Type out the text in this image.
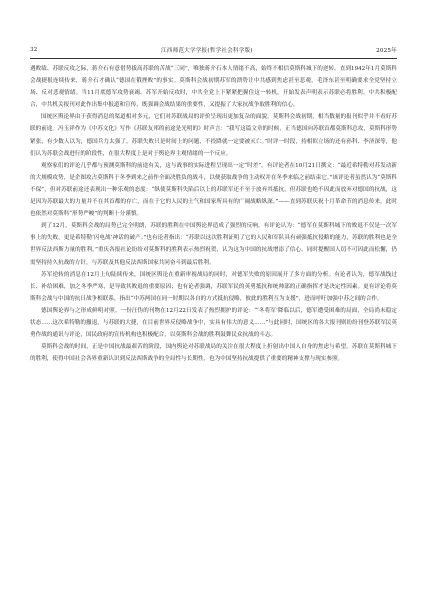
32	江西师范大学学报(哲学社会科学版)	2025年

遇败绩、苏联反攻之际，蒋介石有意借势拔高苏联的苦战“三同”，唯独蒋介石本人情绪不高，始终不相信莫斯科城下的逆转。直到1942年1月莫斯科会战捷报连续传来，蒋介石才确认“德国在俄挫败”的事实。莫斯科会战初期苏军的溃势让中共感到焦虑甚至悲观，毛泽东甚至明确要求全党坚持立场、反对悲观情绪。当11月底德军攻势衰竭、苏军开始反攻时，中共全党上下紧紧把握住这一转机，开始发表声明表示苏联必将胜利。中共积极配合，中共机关报刊对此作出集中报道和宣传，既强调会战结果的重要性，又提振了大家抗战争取胜利的信心。

国统区舆论界由于获得消息的渠道相对多元，它们对苏联战局的评价呈现出更加复杂的面貌。莫斯科会战初期，相当数量的报刊似乎并不看好苏联的前途。冯玉祥作为《中苏文化》写作《苏联友邦的前途是光明的》时声言：“我写这篇文章的时候，正当德国向苏联首都莫斯科总攻，莫斯科形势紧张，有少数人以为，德国兵力太强了，苏联失败只是时间上的问题，不投降就一定要被灭亡。”时评一时段，持相似立场的还有孙科、李济深等，他们认为苏联会战进行的阶段性，在很大程度上是对于舆论界主观情绪的一个反应。

观察家们的评论几乎都与预测莫斯科的前途有关，这与战事的实际进程呈现出一定“时差”。有评论者在10月21日撰文：“最近希特勒对苏发动新的大规模攻势，是企图攻占莫斯科于冬季到来之前作全面决胜负的战斗，以便获取战争的主动权并在冬季来临之前结束它。”该评论者虽然认为“莫斯科不保”，但对苏联前途还表现出一种乐观的态度：“纵使莫斯科失陷后以上的苏联军还不至于放弃其抵抗，但苏联也绝不因此而放弃对德国的抗战，这是因为苏联最大的力量并不在其首都的存亡，而在于它的人民的士气和国家所具有的广阔战略纵深。”——直到苏联庆祝十月革命节的消息传来，此时也依然对莫斯科“形势严峻”的判断十分谨慎。

到了12月，莫斯科会战的局势已完全明朗，苏联的胜利在中国舆论界造成了强烈的反响。有评论认为：“德军在莫斯科城下的败退不仅是一次军事上的失败，更是希特勒‘闪电战’神话的破产。”也有论者指出：“苏联以这次胜利证明了它的人民和军队具有顽强抵抗侵略的能力，苏联的胜利也是全世界反法西斯力量的胜利。”重庆各报社论纷纷对莫斯科的胜利表示热烈祝贺，认为这为中国的抗战增添了信心，同时提醒国人切不可因此而松懈，仍需坚持持久抗战的方针，与苏联及其他反法西斯国家共同奋斗到最后胜利。

苏军逆转的消息在12月上旬陆续传来，国统区舆论在重新审视战局的同时，对德军失败的原因展开了多方面的分析。有论者认为，德军战线过长、补给困难，加之冬季严寒，是导致其败退的重要原因；也有论者强调，苏联军民的英勇抵抗和统帅部的正确指挥才是决定性因素。更有评论将莫斯科会战与中国的抗日战争相联系，指出“中苏两国在同一时期以各自的方式抵抗侵略，彼此的胜利互为支援”，进而呼吁加强中苏之间的合作。

德国舆论界与之形成鲜明对照。一份汪伪的刊物在12月22日发表了热烈拥护的评论：“‘冬将军’降临以后，德军遭受困难的局面，全局尚未稳定状态……这次希特勒的撤退，与苏联的大捷，在目前世界反侵略战争中，实具有伟大的意义……”与此同时，国统区的各大报刊则纷纷刊登苏联军民英勇作战的通讯与评论，国民政府的宣传机构也积极配合，以莫斯科会战的胜利鼓舞民众抗战的斗志。

莫斯科会战的时间，正是中国抗战最艰苦的阶段，国内舆论对苏联战局的关注在很大程度上折射出中国人自身的焦虑与希望。苏联在莫斯科城下的胜利，使得中国社会各界重新认识到反法西斯战争的全局性与长期性，也为中国坚持抗战提供了重要的精神支撑与现实参照。
